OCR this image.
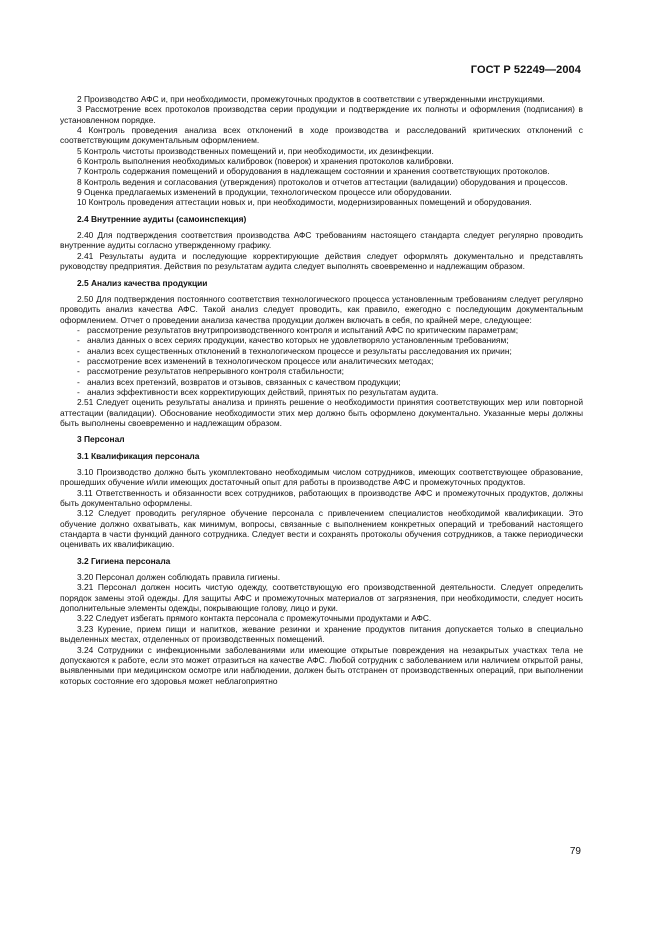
ГОСТ Р 52249—2004

2 Производство АФС и, при необходимости, промежуточных продуктов в соответствии с утвержденными инструкциями.

3 Рассмотрение всех протоколов производства серии продукции и подтверждение их полноты и оформления (подписания) в установленном порядке.

4 Контроль проведения анализа всех отклонений в ходе производства и расследований критических отклонений с соответствующим документальным оформлением.

5 Контроль чистоты производственных помещений и, при необходимости, их дезинфекции.

6 Контроль выполнения необходимых калибровок (поверок) и хранения протоколов калибровки.

7 Контроль содержания помещений и оборудования в надлежащем состоянии и хранения соответствующих протоколов.

8 Контроль ведения и согласования (утверждения) протоколов и отчетов аттестации (валидации) оборудования и процессов.

9 Оценка предлагаемых изменений в продукции, технологическом процессе или оборудовании.

10 Контроль проведения аттестации новых и, при необходимости, модернизированных помещений и оборудования.

2.4 Внутренние аудиты (самоинспекция)

2.40 Для подтверждения соответствия производства АФС требованиям настоящего стандарта следует регулярно проводить внутренние аудиты согласно утвержденному графику.

2.41 Результаты аудита и последующие корректирующие действия следует оформлять документально и представлять руководству предприятия. Действия по результатам аудита следует выполнять своевременно и надлежащим образом.

2.5 Анализ качества продукции

2.50 Для подтверждения постоянного соответствия технологического процесса установленным требованиям следует регулярно проводить анализ качества АФС. Такой анализ следует проводить, как правило, ежегодно с последующим документальным оформлением. Отчет о проведении анализа качества продукции должен включать в себя, по крайней мере, следующее:

- рассмотрение результатов внутрипроизводственного контроля и испытаний АФС по критическим параметрам;
- анализ данных о всех сериях продукции, качество которых не удовлетворяло установленным требованиям;
- анализ всех существенных отклонений в технологическом процессе и результаты расследования их причин;
- рассмотрение всех изменений в технологическом процессе или аналитических методах;
- рассмотрение результатов непрерывного контроля стабильности;
- анализ всех претензий, возвратов и отзывов, связанных с качеством продукции;
- анализ эффективности всех корректирующих действий, принятых по результатам аудита.

2.51 Следует оценить результаты анализа и принять решение о необходимости принятия соответствующих мер или повторной аттестации (валидации). Обоснование необходимости этих мер должно быть оформлено документально. Указанные меры должны быть выполнены своевременно и надлежащим образом.

3 Персонал
3.1 Квалификация персонала

3.10 Производство должно быть укомплектовано необходимым числом сотрудников, имеющих соответствующее образование, прошедших обучение и/или имеющих достаточный опыт для работы в производстве АФС и промежуточных продуктов.

3.11 Ответственность и обязанности всех сотрудников, работающих в производстве АФС и промежуточных продуктов, должны быть документально оформлены.

3.12 Следует проводить регулярное обучение персонала с привлечением специалистов необходимой квалификации. Это обучение должно охватывать, как минимум, вопросы, связанные с выполнением конкретных операций и требований настоящего стандарта в части функций данного сотрудника. Следует вести и сохранять протоколы обучения сотрудников, а также периодически оценивать их квалификацию.

3.2 Гигиена персонала

3.20 Персонал должен соблюдать правила гигиены.

3.21 Персонал должен носить чистую одежду, соответствующую его производственной деятельности. Следует определить порядок замены этой одежды. Для защиты АФС и промежуточных материалов от загрязнения, при необходимости, следует носить дополнительные элементы одежды, покрывающие голову, лицо и руки.

3.22 Следует избегать прямого контакта персонала с промежуточными продуктами и АФС.

3.23 Курение, прием пищи и напитков, жевание резинки и хранение продуктов питания допускается только в специально выделенных местах, отделенных от производственных помещений.

3.24 Сотрудники с инфекционными заболеваниями или имеющие открытые повреждения на незакрытых участках тела не допускаются к работе, если это может отразиться на качестве АФС. Любой сотрудник с заболеванием или наличием открытой раны, выявленными при медицинском осмотре или наблюдении, должен быть отстранен от производственных операций, при выполнении которых состояние его здоровья может неблагоприятно

79
